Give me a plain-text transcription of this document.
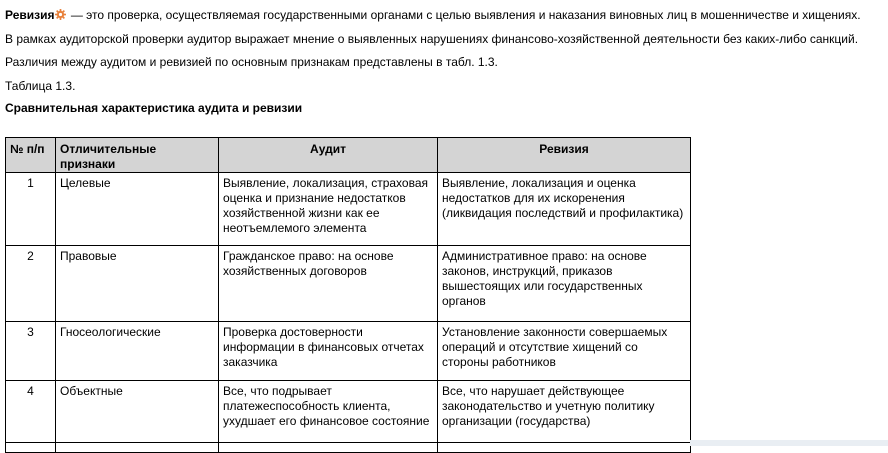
Ревизия
— это проверка, осуществляемая государственными органами с целью выявления и наказания виновных лиц в мошенничестве и хищениях.
В рамках аудиторской проверки аудитор выражает мнение о выявленных нарушениях финансово-хозяйственной деятельности без каких-либо санкций.
Различия между аудитом и ревизией по основным признакам представлены в табл. 1.3.
Таблица 1.3.
Сравнительная характеристика аудита и ревизии
№ п/п	Отличительные признаки	Аудит	Ревизия
1	Целевые	Выявление, локализация, страховая оценка и признание недостатков хозяйственной жизни как ее неотъемлемого элемента	Выявление, локализация и оценка недостатков для их искоренения (ликвидация последствий и профилактика)
2	Правовые	Гражданское право: на основе хозяйственных договоров	Административное право: на основе законов, инструкций, приказов вышестоящих или государственных органов
3	Гносеологические	Проверка достоверности информации в финансовых отчетах заказчика	Установление законности совершаемых операций и отсутствие хищений со стороны работников
4	Объектные	Все, что подрывает платежеспособность клиента, ухудшает его финансовое состояние	Все, что нарушает действующее законодательство и учетную политику организации (государства)
